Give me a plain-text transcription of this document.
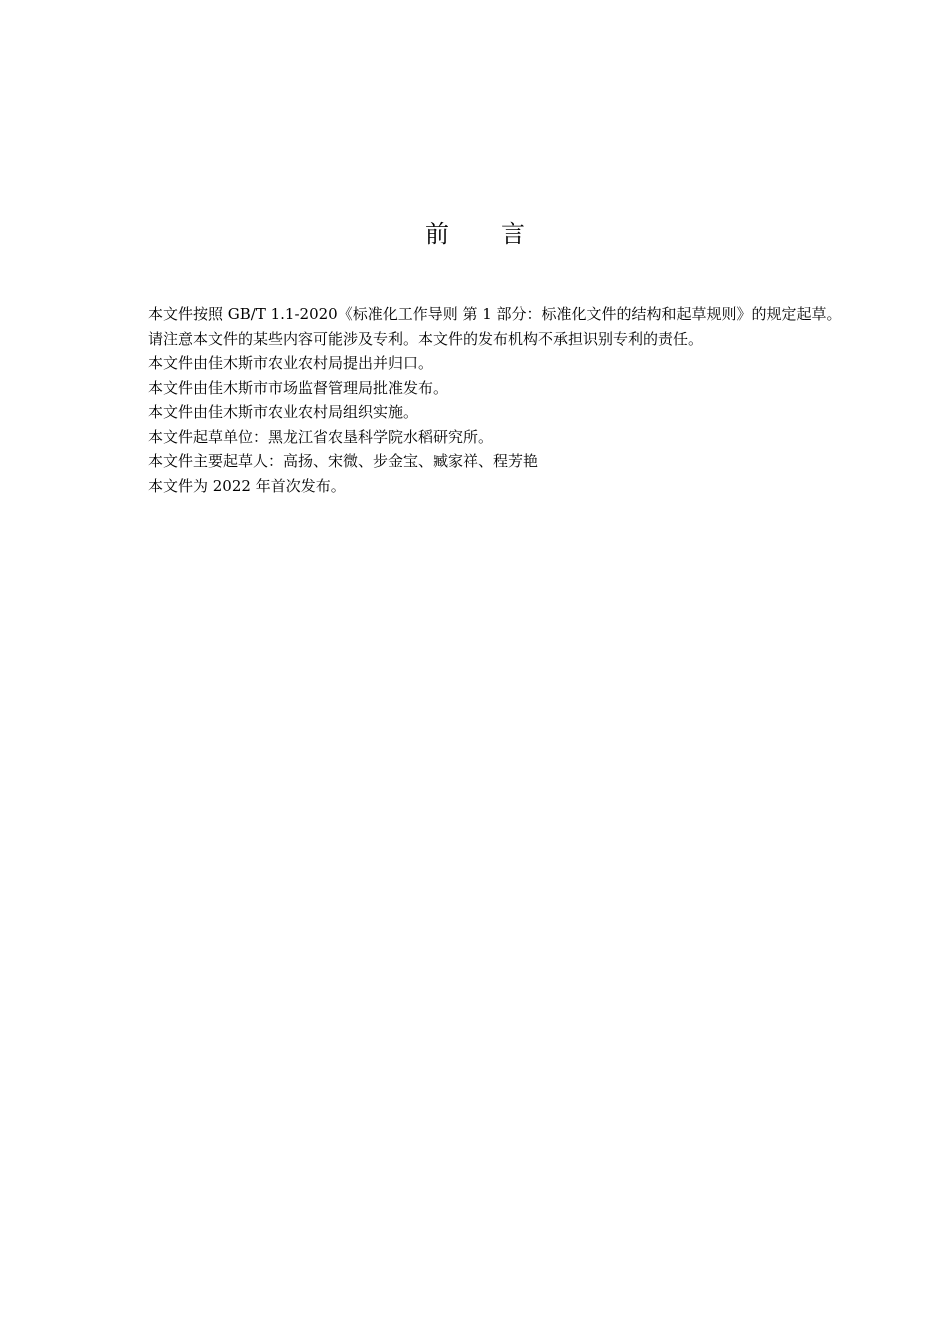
前 言

本文件按照 GB/T 1.1-2020《标准化工作导则 第 1 部分：标准化文件的结构和起草规则》的规定起草。

请注意本文件的某些内容可能涉及专利。本文件的发布机构不承担识别专利的责任。

本文件由佳木斯市农业农村局提出并归口。

本文件由佳木斯市市场监督管理局批准发布。

本文件由佳木斯市农业农村局组织实施。

本文件起草单位：黑龙江省农垦科学院水稻研究所。

本文件主要起草人：高扬、宋微、步金宝、臧家祥、程芳艳

本文件为 2022 年首次发布。
